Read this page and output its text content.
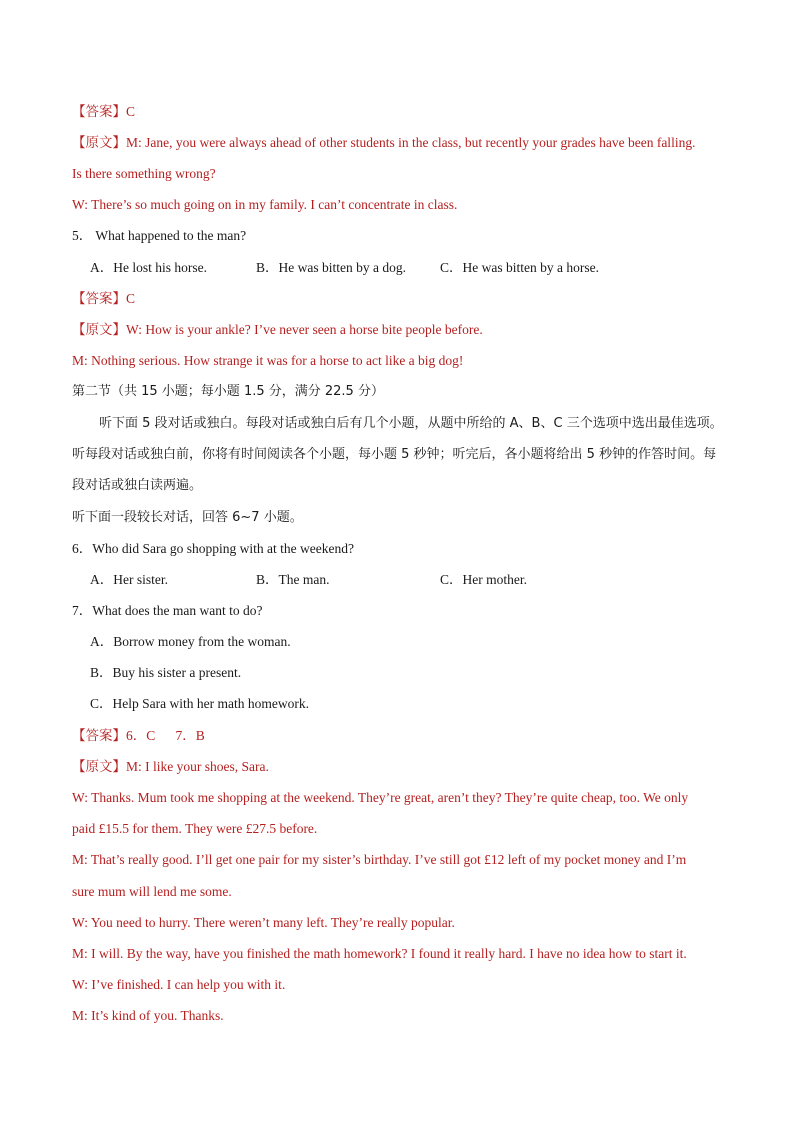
【答案】C
【原文】M: Jane, you were always ahead of other students in the class, but recently your grades have been falling.
Is there something wrong?
W: There’s so much going on in my family. I can’t concentrate in class.
5． What happened to the man?
A．He lost his horse.	B．He was bitten by a dog.	C．He was bitten by a horse.
【答案】C
【原文】W: How is your ankle? I’ve never seen a horse bite people before.
M: Nothing serious. How strange it was for a horse to act like a big dog!
第二节（共 15 小题；每小题 1.5 分，满分 22.5 分）
听下面 5 段对话或独白。每段对话或独白后有几个小题，从题中所给的 A、B、C 三个选项中选出最佳选项。听每段对话或独白前，你将有时间阅读各个小题，每小题 5 秒钟；听完后，各小题将给出 5 秒钟的作答时间。每段对话或独白读两遍。
听下面一段较长对话，回答 6~7 小题。
6．Who did Sara go shopping with at the weekend?
A．Her sister.	B．The man.	C．Her mother.
7．What does the man want to do?
A．Borrow money from the woman.
B．Buy his sister a present.
C．Help Sara with her math homework.
【答案】6．C      7．B
【原文】M: I like your shoes, Sara.
W: Thanks. Mum took me shopping at the weekend. They’re great, aren’t they? They’re quite cheap, too. We only
paid £15.5 for them. They were £27.5 before.
M: That’s really good. I’ll get one pair for my sister’s birthday. I’ve still got £12 left of my pocket money and I’m
sure mum will lend me some.
W: You need to hurry. There weren’t many left. They’re really popular.
M: I will. By the way, have you finished the math homework? I found it really hard. I have no idea how to start it.
W: I’ve finished. I can help you with it.
M: It’s kind of you. Thanks.
